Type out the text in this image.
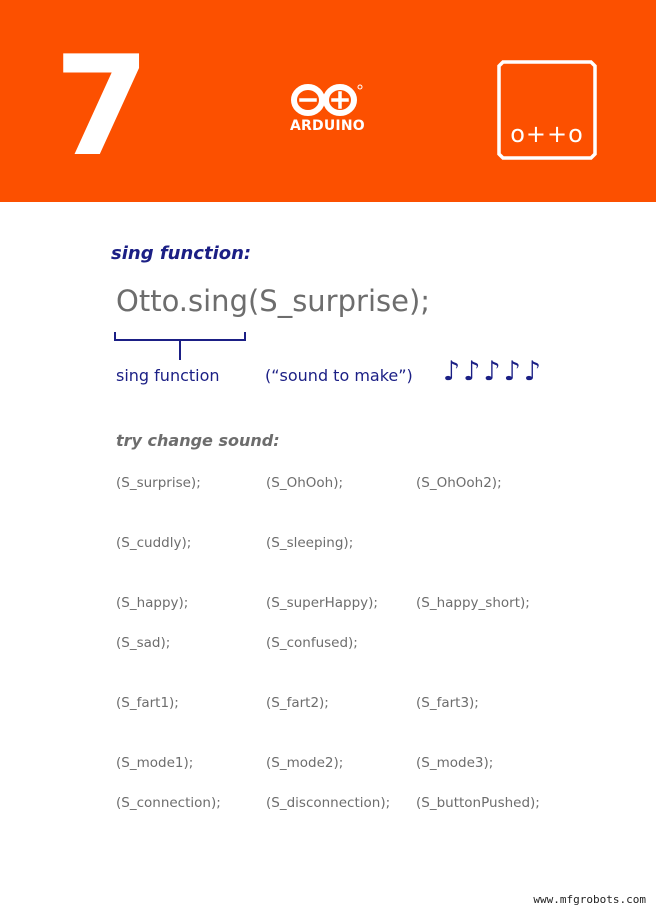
7	ARDUINO	o++o
sing function:
Otto.sing(S_surprise);
sing function	(“sound to make”) ♪♪♪♪♪
try change sound:
(S_surprise);	(S_OhOoh);	(S_OhOoh2);
(S_cuddly);	(S_sleeping);
(S_happy);	(S_superHappy);	(S_happy_short);
(S_sad);	(S_confused);
(S_fart1);	(S_fart2);	(S_fart3);
(S_mode1);	(S_mode2);	(S_mode3);
(S_connection);	(S_disconnection); (S_buttonPushed);
www.mfgrobots.com
